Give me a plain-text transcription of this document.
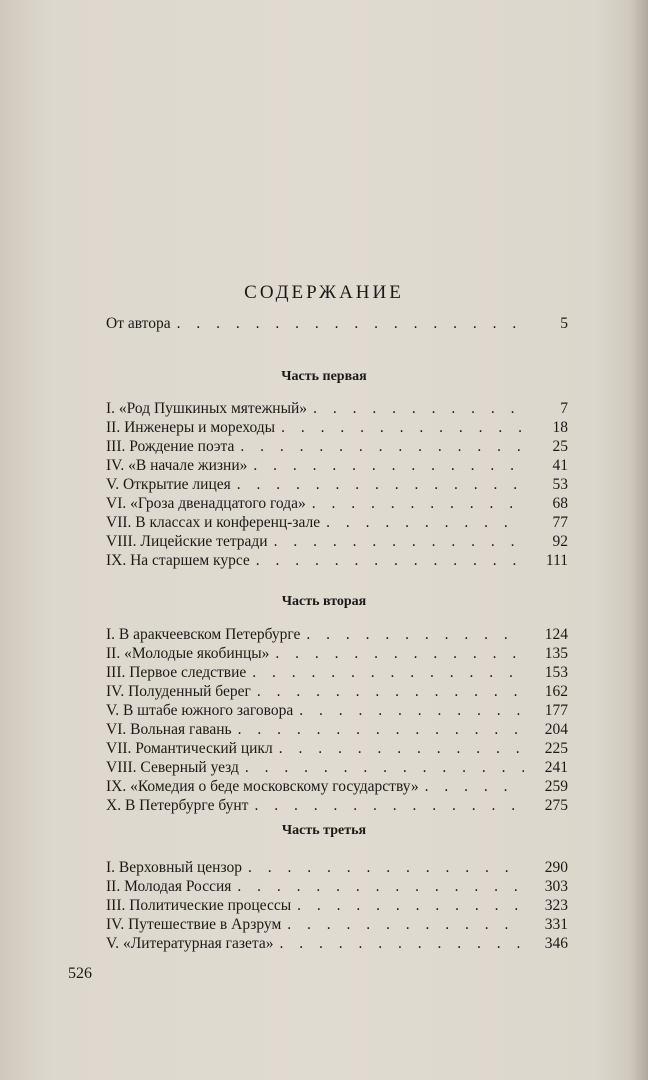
СОДЕРЖАНИЕ
От автора . . .	5
Часть первая
I. «Род Пушкиных мятежный» . . .	7
II. Инженеры и мореходы . . .	18
III. Рождение поэта . . .	25
IV. «В начале жизни» . . .	41
V. Открытие лицея . . .	53
VI. «Гроза двенадцатого года» . . .	68
VII. В классах и конференц-зале . . .	77
VIII. Лицейские тетради . . .	92
IX. На старшем курсе . . .	111
Часть вторая
I. В аракчеевском Петербурге . . .	124
II. «Молодые якобинцы» . . .	135
III. Первое следствие . . .	153
IV. Полуденный берег . . .	162
V. В штабе южного заговора . . .	177
VI. Вольная гавань . . .	204
VII. Романтический цикл . . .	225
VIII. Северный уезд . . .	241
IX. «Комедия о беде московскому государству» . . .	259
X. В Петербурге бунт . . .	275
Часть третья
I. Верховный цензор . . .	290
II. Молодая Россия . . .	303
III. Политические процессы . . .	323
IV. Путешествие в Арзрум . . .	331
V. «Литературная газета» . . .	346
526
